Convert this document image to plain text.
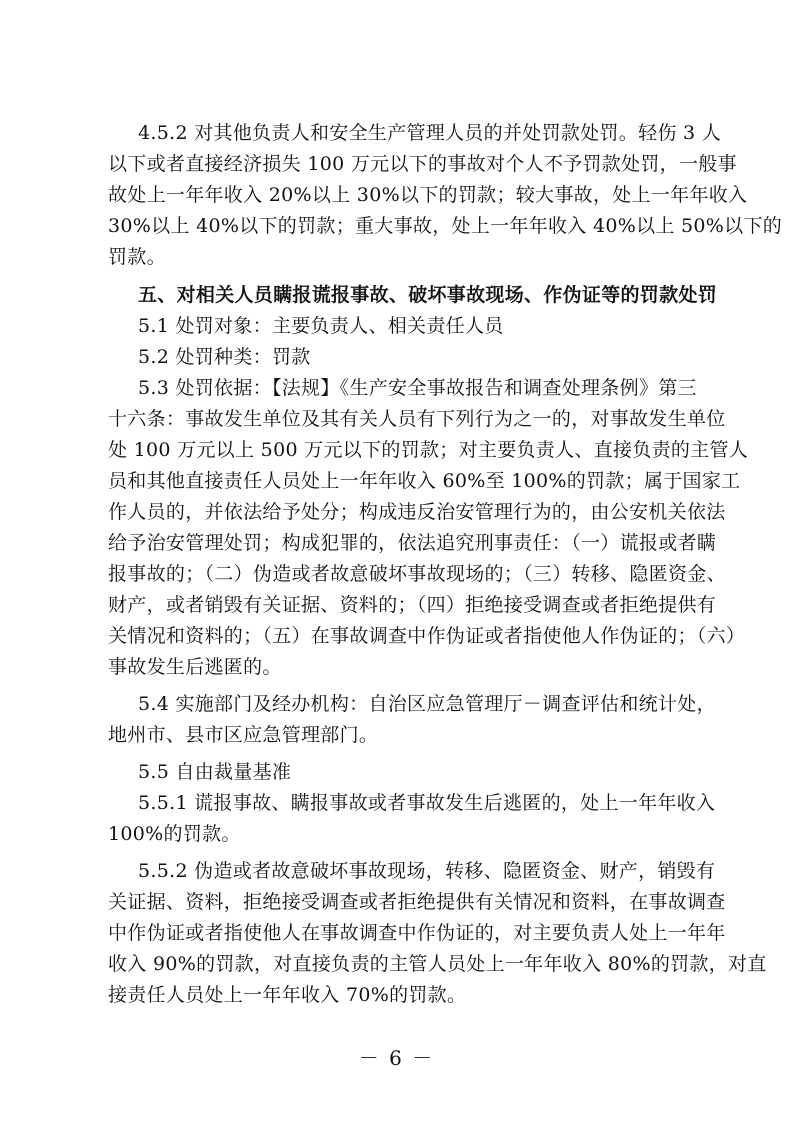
4.5.2 对其他负责人和安全生产管理人员的并处罚款处罚。轻伤 3 人
以下或者直接经济损失 100 万元以下的事故对个人不予罚款处罚，一般事
故处上一年年收入 20%以上 30%以下的罚款；较大事故，处上一年年收入
30%以上 40%以下的罚款；重大事故，处上一年年收入 40%以上 50%以下的
罚款。
五、对相关人员瞒报谎报事故、破坏事故现场、作伪证等的罚款处罚
5.1 处罚对象：主要负责人、相关责任人员
5.2 处罚种类：罚款
5.3 处罚依据：【法规】《生产安全事故报告和调查处理条例》第三
十六条：事故发生单位及其有关人员有下列行为之一的，对事故发生单位
处 100 万元以上 500 万元以下的罚款；对主要负责人、直接负责的主管人
员和其他直接责任人员处上一年年收入 60%至 100%的罚款；属于国家工
作人员的，并依法给予处分；构成违反治安管理行为的，由公安机关依法
给予治安管理处罚；构成犯罪的，依法追究刑事责任：（一）谎报或者瞒
报事故的；（二）伪造或者故意破坏事故现场的；（三）转移、隐匿资金、
财产，或者销毁有关证据、资料的；（四）拒绝接受调查或者拒绝提供有
关情况和资料的；（五）在事故调查中作伪证或者指使他人作伪证的；（六）
事故发生后逃匿的。
5.4 实施部门及经办机构：自治区应急管理厅－调查评估和统计处，
地州市、县市区应急管理部门。
5.5 自由裁量基准
5.5.1 谎报事故、瞒报事故或者事故发生后逃匿的，处上一年年收入
100%的罚款。
5.5.2 伪造或者故意破坏事故现场，转移、隐匿资金、财产，销毁有
关证据、资料，拒绝接受调查或者拒绝提供有关情况和资料，在事故调查
中作伪证或者指使他人在事故调查中作伪证的，对主要负责人处上一年年
收入 90%的罚款，对直接负责的主管人员处上一年年收入 80%的罚款，对直
接责任人员处上一年年收入 70%的罚款。
－ 6 －
